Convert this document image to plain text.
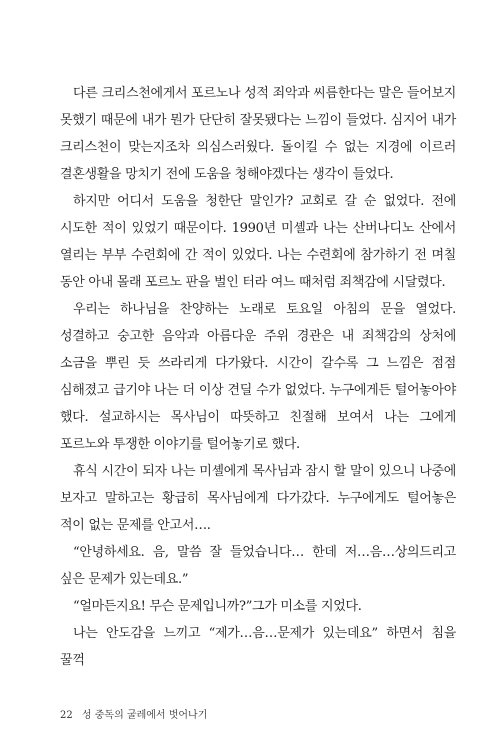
다른 크리스천에게서 포르노나 성적 죄악과 씨름한다는 말은 들어보지 못했기 때문에 내가 뭔가 단단히 잘못됐다는 느낌이 들었다. 심지어 내가 크리스천이 맞는지조차 의심스러웠다. 돌이킬 수 없는 지경에 이르러 결혼생활을 망치기 전에 도움을 청해야겠다는 생각이 들었다.

하지만 어디서 도움을 청한단 말인가? 교회로 갈 순 없었다. 전에 시도한 적이 있었기 때문이다. 1990년 미셸과 나는 산버나디노 산에서 열리는 부부 수련회에 간 적이 있었다. 나는 수련회에 참가하기 전 며칠 동안 아내 몰래 포르노 판을 벌인 터라 여느 때처럼 죄책감에 시달렸다.

우리는 하나님을 찬양하는 노래로 토요일 아침의 문을 열었다. 성결하고 숭고한 음악과 아름다운 주위 경관은 내 죄책감의 상처에 소금을 뿌린 듯 쓰라리게 다가왔다. 시간이 갈수록 그 느낌은 점점 심해졌고 급기야 나는 더 이상 견딜 수가 없었다. 누구에게든 털어놓아야 했다. 설교하시는 목사님이 따뜻하고 친절해 보여서 나는 그에게 포르노와 투쟁한 이야기를 털어놓기로 했다.

휴식 시간이 되자 나는 미셸에게 목사님과 잠시 할 말이 있으니 나중에 보자고 말하고는 황급히 목사님에게 다가갔다. 누구에게도 털어놓은 적이 없는 문제를 안고서….

“안녕하세요. 음, 말씀 잘 들었습니다… 한데 저…음…상의드리고 싶은 문제가 있는데요.”

“얼마든지요! 무슨 문제입니까?”그가 미소를 지었다.

나는 안도감을 느끼고 “제가…음…문제가 있는데요” 하면서 침을 꿀꺽

22 성 중독의 굴레에서 벗어나기
